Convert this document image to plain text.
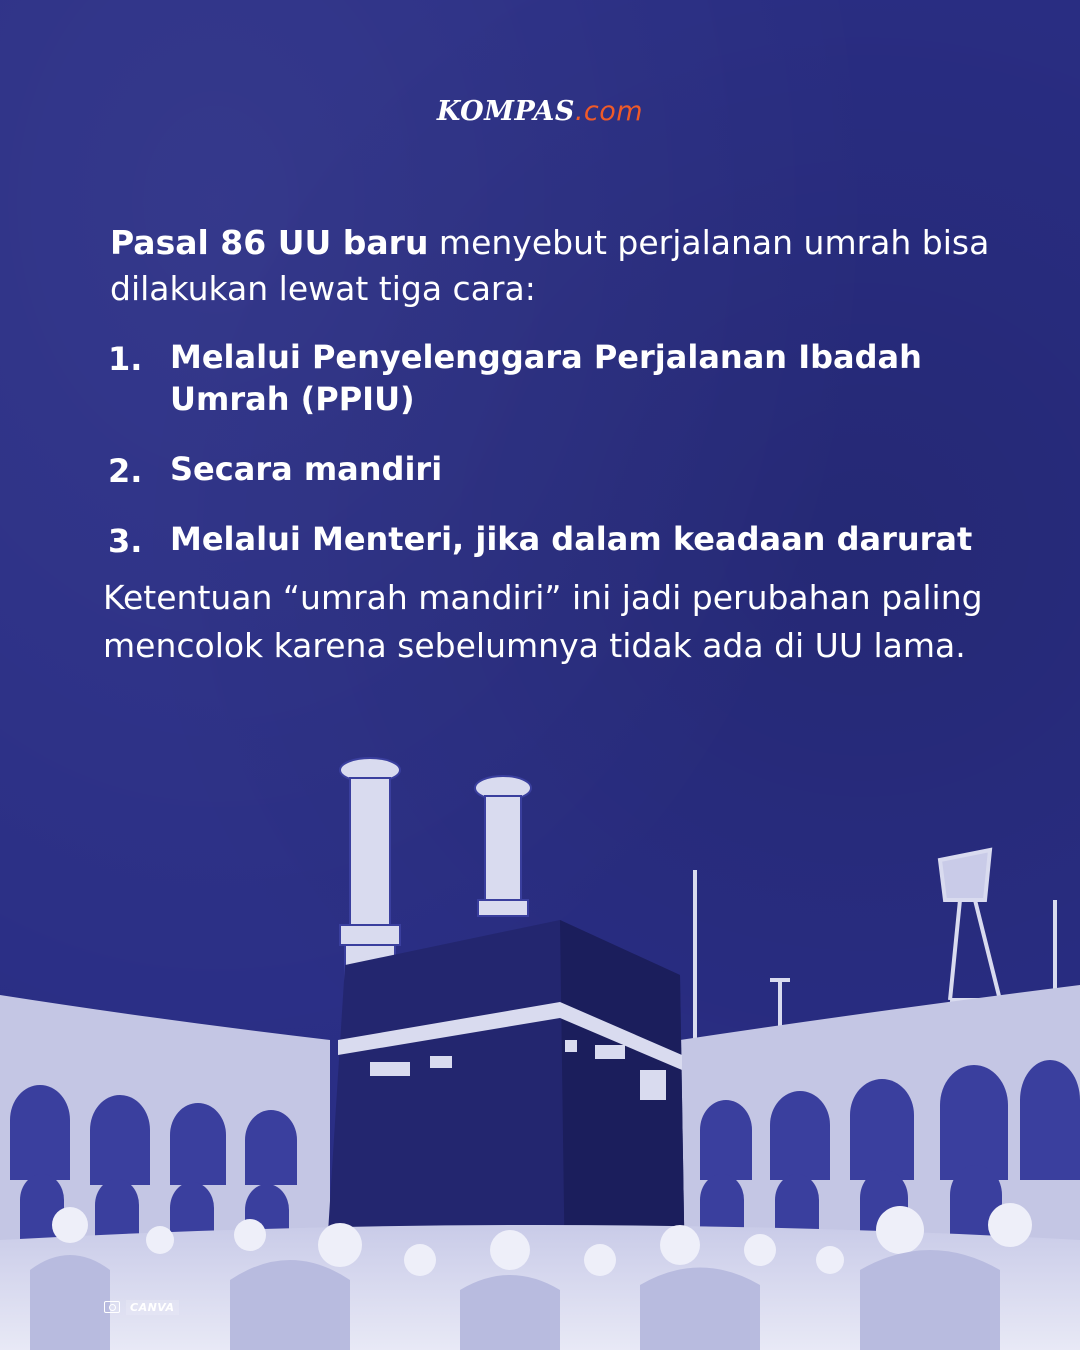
KOMPAS.com

Pasal 86 UU baru menyebut perjalanan umrah bisa dilakukan lewat tiga cara:

1. Melalui Penyelenggara Perjalanan Ibadah Umrah (PPIU)
2. Secara mandiri
3. Melalui Menteri, jika dalam keadaan darurat

Ketentuan “umrah mandiri” ini jadi perubahan paling mencolok karena sebelumnya tidak ada di UU lama.

CANVA
